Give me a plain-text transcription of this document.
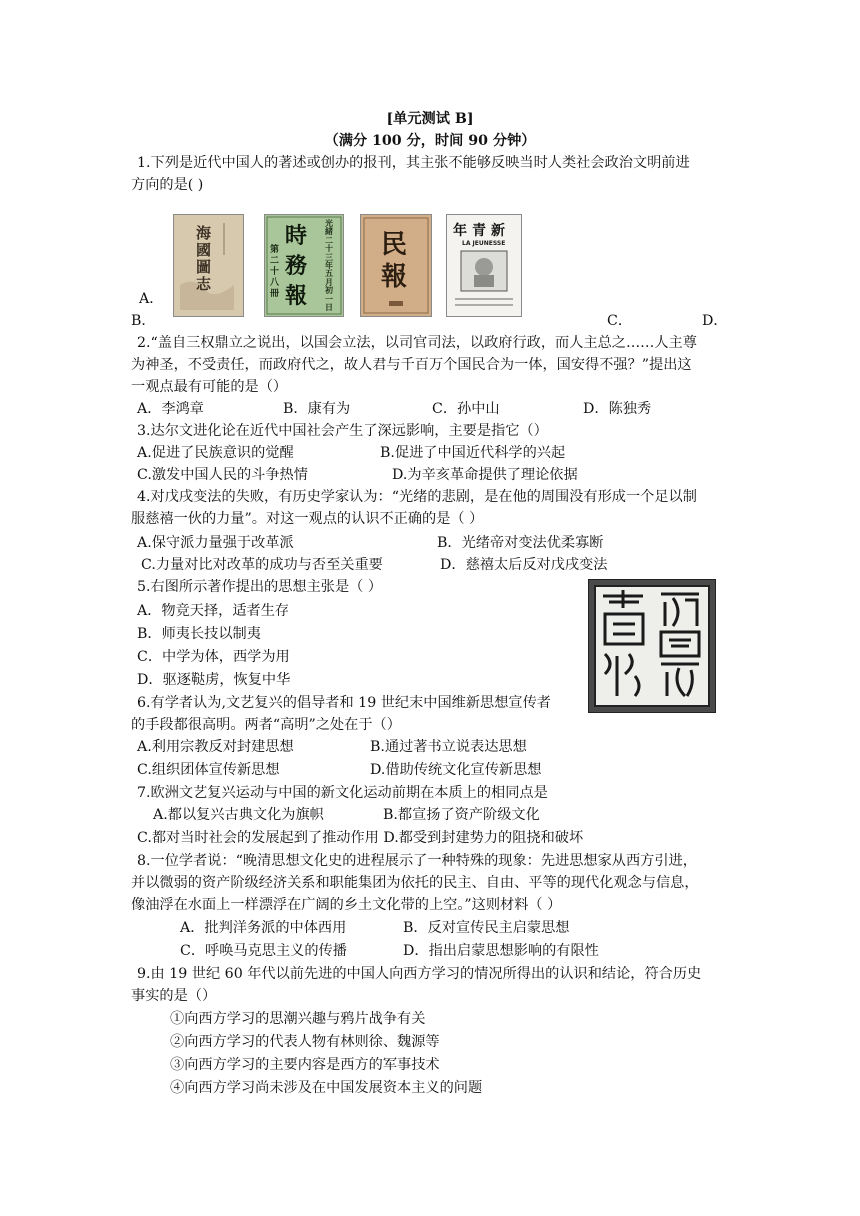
[单元测试 B]
（满分 100 分，时间 90 分钟）
1.下列是近代中国人的著述或创办的报刊，其主张不能够反映当时人类社会政治文明前进
方向的是( )
海國圖志
時務報
光緒二十三年五月初一日
第二十八冊
民報
年青新
LA JEUNESSE
A．
B．	C．	D．
2.“盖自三权鼎立之说出，以国会立法，以司官司法，以政府行政，而人主总之……人主尊
为神圣，不受责任，而政府代之，故人君与千百万个国民合为一体，国安得不强？”提出这
一观点最有可能的是（）
A．李鸿章	B．康有为	C．孙中山	D．陈独秀
3.达尔文进化论在近代中国社会产生了深远影响，主要是指它（）
A.促进了民族意识的觉醒	B.促进了中国近代科学的兴起
C.激发中国人民的斗争热情	D.为辛亥革命提供了理论依据
4.对戊戌变法的失败，有历史学家认为：“光绪的悲剧，是在他的周围没有形成一个足以制
服慈禧一伙的力量”。对这一观点的认识不正确的是（ ）
A.保守派力量强于改革派	B．光绪帝对变法优柔寡断
C.力量对比对改革的成功与否至关重要	D．慈禧太后反对戊戌变法
5.右图所示著作提出的思想主张是（ ）
A．物竞天择，适者生存
B．师夷长技以制夷
C．中学为体，西学为用
D．驱逐鞑虏，恢复中华
6.有学者认为,文艺复兴的倡导者和 19 世纪末中国维新思想宣传者
的手段都很高明。两者“高明”之处在于（）
A.利用宗教反对封建思想	B.通过著书立说表达思想
C.组织团体宣传新思想	D.借助传统文化宣传新思想
7.欧洲文艺复兴运动与中国的新文化运动前期在本质上的相同点是
A.都以复兴古典文化为旗帜	B.都宣扬了资产阶级文化
C.都对当时社会的发展起到了推动作用 D.都受到封建势力的阻挠和破坏
8.一位学者说：“晚清思想文化史的进程展示了一种特殊的现象：先进思想家从西方引进，
并以微弱的资产阶级经济关系和职能集团为依托的民主、自由、平等的现代化观念与信息，
像油浮在水面上一样漂浮在广阔的乡土文化带的上空。”这则材料（ ）
A．批判洋务派的中体西用	B．反对宣传民主启蒙思想
C．呼唤马克思主义的传播	D．指出启蒙思想影响的有限性
9.由 19 世纪 60 年代以前先进的中国人向西方学习的情况所得出的认识和结论，符合历史
事实的是（）
①向西方学习的思潮兴趣与鸦片战争有关
②向西方学习的代表人物有林则徐、魏源等
③向西方学习的主要内容是西方的军事技术
④向西方学习尚未涉及在中国发展资本主义的问题
